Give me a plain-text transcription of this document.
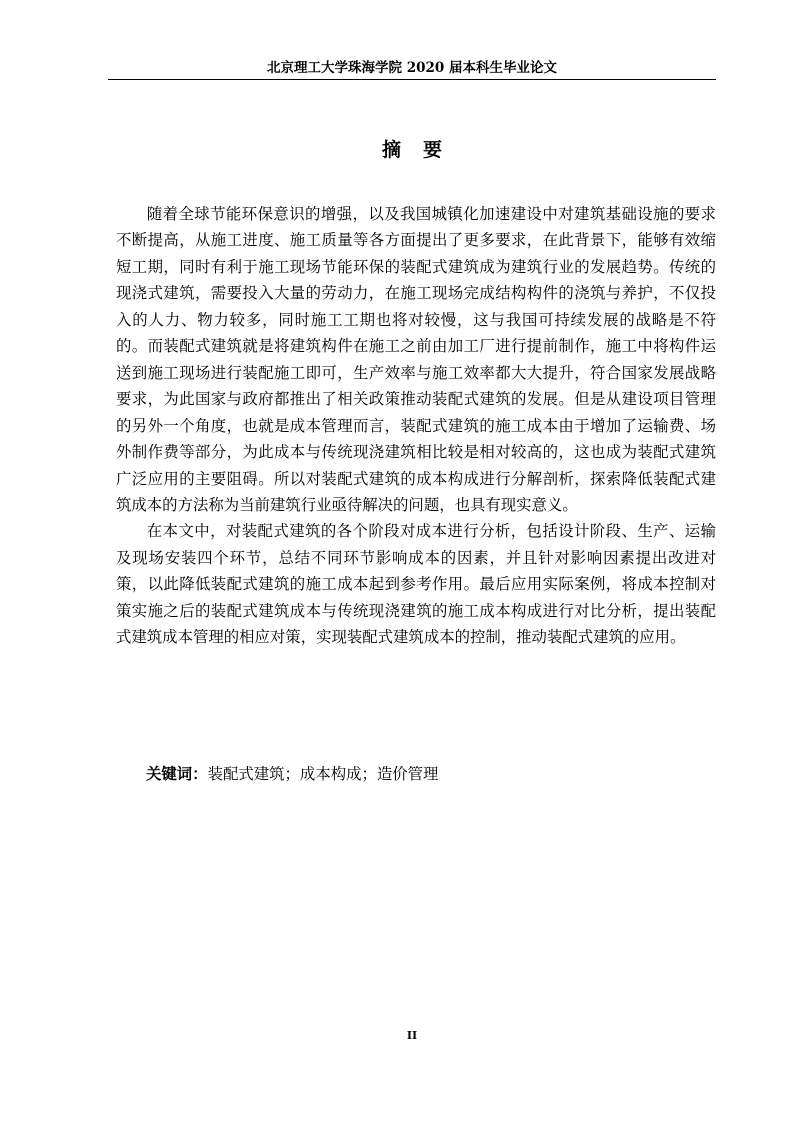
北京理工大学珠海学院 2020 届本科生毕业论文
摘要

随着全球节能环保意识的增强，以及我国城镇化加速建设中对建筑基础设施的要求不断提高，从施工进度、施工质量等各方面提出了更多要求，在此背景下，能够有效缩短工期，同时有利于施工现场节能环保的装配式建筑成为建筑行业的发展趋势。传统的现浇式建筑，需要投入大量的劳动力，在施工现场完成结构构件的浇筑与养护，不仅投入的人力、物力较多，同时施工工期也将对较慢，这与我国可持续发展的战略是不符的。而装配式建筑就是将建筑构件在施工之前由加工厂进行提前制作，施工中将构件运送到施工现场进行装配施工即可，生产效率与施工效率都大大提升，符合国家发展战略要求，为此国家与政府都推出了相关政策推动装配式建筑的发展。但是从建设项目管理的另外一个角度，也就是成本管理而言，装配式建筑的施工成本由于增加了运输费、场外制作费等部分，为此成本与传统现浇建筑相比较是相对较高的，这也成为装配式建筑广泛应用的主要阻碍。所以对装配式建筑的成本构成进行分解剖析，探索降低装配式建筑成本的方法称为当前建筑行业亟待解决的问题，也具有现实意义。

在本文中，对装配式建筑的各个阶段对成本进行分析，包括设计阶段、生产、运输及现场安装四个环节，总结不同环节影响成本的因素，并且针对影响因素提出改进对策，以此降低装配式建筑的施工成本起到参考作用。最后应用实际案例，将成本控制对策实施之后的装配式建筑成本与传统现浇建筑的施工成本构成进行对比分析，提出装配式建筑成本管理的相应对策，实现装配式建筑成本的控制，推动装配式建筑的应用。

关键词：装配式建筑；成本构成；造价管理
II
